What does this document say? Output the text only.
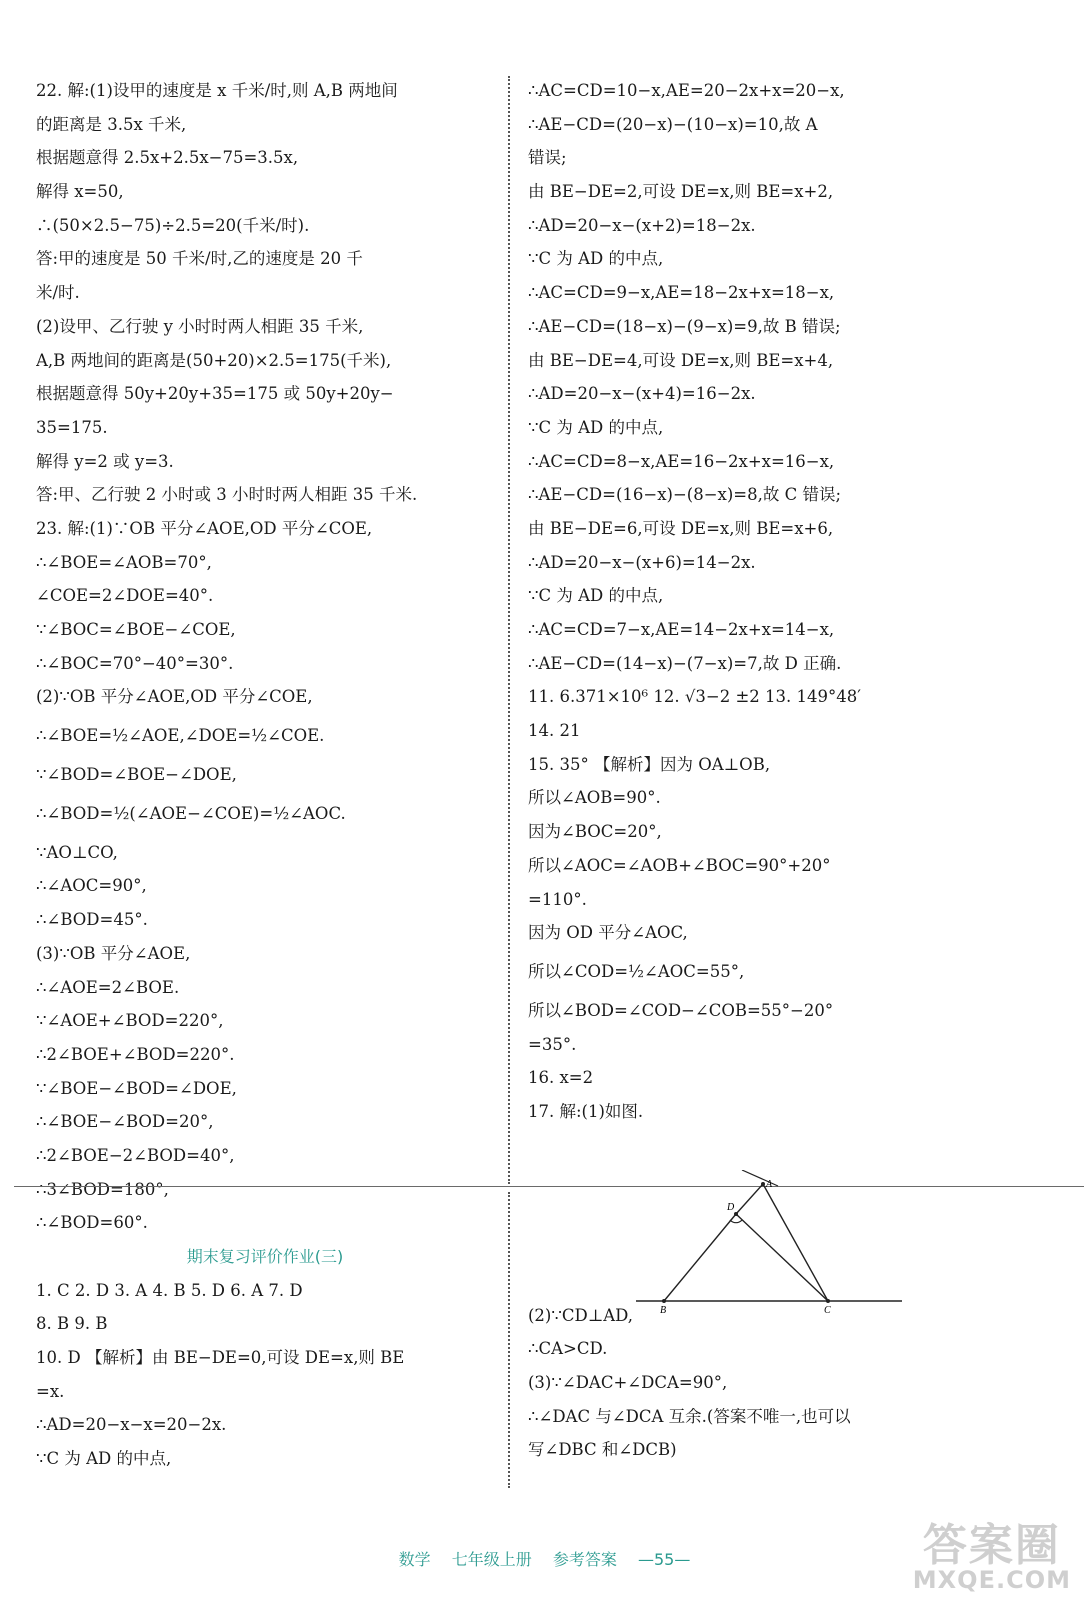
22. 解:(1)设甲的速度是 x 千米/时,则 A,B 两地间
的距离是 3.5x 千米,
根据题意得 2.5x+2.5x−75=3.5x,
解得 x=50,
∴(50×2.5−75)÷2.5=20(千米/时).
答:甲的速度是 50 千米/时,乙的速度是 20 千
米/时.
(2)设甲、乙行驶 y 小时时两人相距 35 千米,
A,B 两地间的距离是(50+20)×2.5=175(千米),
根据题意得 50y+20y+35=175 或 50y+20y−
35=175.
解得 y=2 或 y=3.
答:甲、乙行驶 2 小时或 3 小时时两人相距 35 千米.
23. 解:(1)∵OB 平分∠AOE,OD 平分∠COE,
∴∠BOE=∠AOB=70°,
∠COE=2∠DOE=40°.
∵∠BOC=∠BOE−∠COE,
∴∠BOC=70°−40°=30°.
(2)∵OB 平分∠AOE,OD 平分∠COE,
∴∠BOE=½∠AOE,∠DOE=½∠COE.
∵∠BOD=∠BOE−∠DOE,
∴∠BOD=½(∠AOE−∠COE)=½∠AOC.
∵AO⊥CO,
∴∠AOC=90°,
∴∠BOD=45°.
(3)∵OB 平分∠AOE,
∴∠AOE=2∠BOE.
∵∠AOE+∠BOD=220°,
∴2∠BOE+∠BOD=220°.
∵∠BOE−∠BOD=∠DOE,
∴∠BOE−∠BOD=20°,
∴2∠BOE−2∠BOD=40°,
∴3∠BOD=180°,
∴∠BOD=60°.
期末复习评价作业(三)
1. C 2. D 3. A 4. B 5. D 6. A 7. D
8. B 9. B
10. D 【解析】由 BE−DE=0,可设 DE=x,则 BE
=x.
∴AD=20−x−x=20−2x.
∵C 为 AD 的中点,
∴AC=CD=10−x,AE=20−2x+x=20−x,
∴AE−CD=(20−x)−(10−x)=10,故 A
错误;
由 BE−DE=2,可设 DE=x,则 BE=x+2,
∴AD=20−x−(x+2)=18−2x.
∵C 为 AD 的中点,
∴AC=CD=9−x,AE=18−2x+x=18−x,
∴AE−CD=(18−x)−(9−x)=9,故 B 错误;
由 BE−DE=4,可设 DE=x,则 BE=x+4,
∴AD=20−x−(x+4)=16−2x.
∵C 为 AD 的中点,
∴AC=CD=8−x,AE=16−2x+x=16−x,
∴AE−CD=(16−x)−(8−x)=8,故 C 错误;
由 BE−DE=6,可设 DE=x,则 BE=x+6,
∴AD=20−x−(x+6)=14−2x.
∵C 为 AD 的中点,
∴AC=CD=7−x,AE=14−2x+x=14−x,
∴AE−CD=(14−x)−(7−x)=7,故 D 正确.
11. 6.371×10⁶ 12. √3−2 ±2 13. 149°48′
14. 21
15. 35° 【解析】因为 OA⊥OB,
所以∠AOB=90°.
因为∠BOC=20°,
所以∠AOC=∠AOB+∠BOC=90°+20°
=110°.
因为 OD 平分∠AOC,
所以∠COD=½∠AOC=55°,
所以∠BOD=∠COD−∠COB=55°−20°
=35°.
16. x=2
17. 解:(1)如图.
(2)∵CD⊥AD,
∴CA>CD.
(3)∵∠DAC+∠DCA=90°,
∴∠DAC 与∠DCA 互余.(答案不唯一,也可以
写∠DBC 和∠DCB)
A
D
B	C
数学 七年级上册 参考答案 —55—	答案圈
MXQE.COM
